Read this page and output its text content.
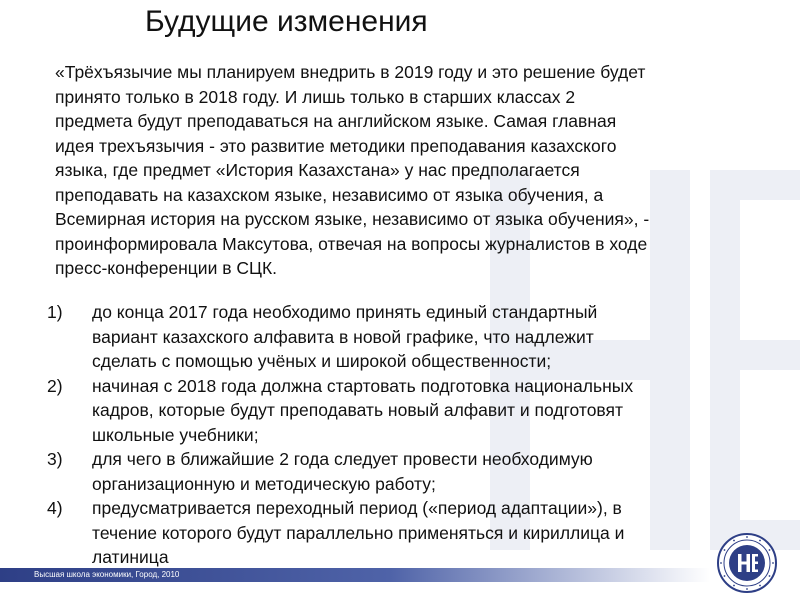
Будущие изменения
«Трёхъязычие мы планируем внедрить в 2019 году и это решение будет
принято только в 2018 году. И лишь только в старших классах 2
предмета будут преподаваться на английском языке. Самая главная
идея трехъязычия - это развитие методики преподавания казахского
языка, где предмет «История Казахстана» у нас предполагается
преподавать на казахском языке, независимо от языка обучения, а
Всемирная история на русском языке, независимо от языка обучения», -
проинформировала Максутова, отвечая на вопросы журналистов в ходе
пресс-конференции в СЦК.
1) до конца 2017 года необходимо принять единый стандартный
вариант казахского алфавита в новой графике, что надлежит
сделать с помощью учёных и широкой общественности;
2) начиная с 2018 года должна стартовать подготовка национальных
кадров, которые будут преподавать новый алфавит и подготовят
школьные учебники;
3) для чего в ближайшие 2 года следует провести необходимую
организационную и методическую работу;
4) предусматривается переходный период («период адаптации»), в
течение которого будут параллельно применяться и кириллица и
латиница
Высшая школа экономики, Город, 2010
